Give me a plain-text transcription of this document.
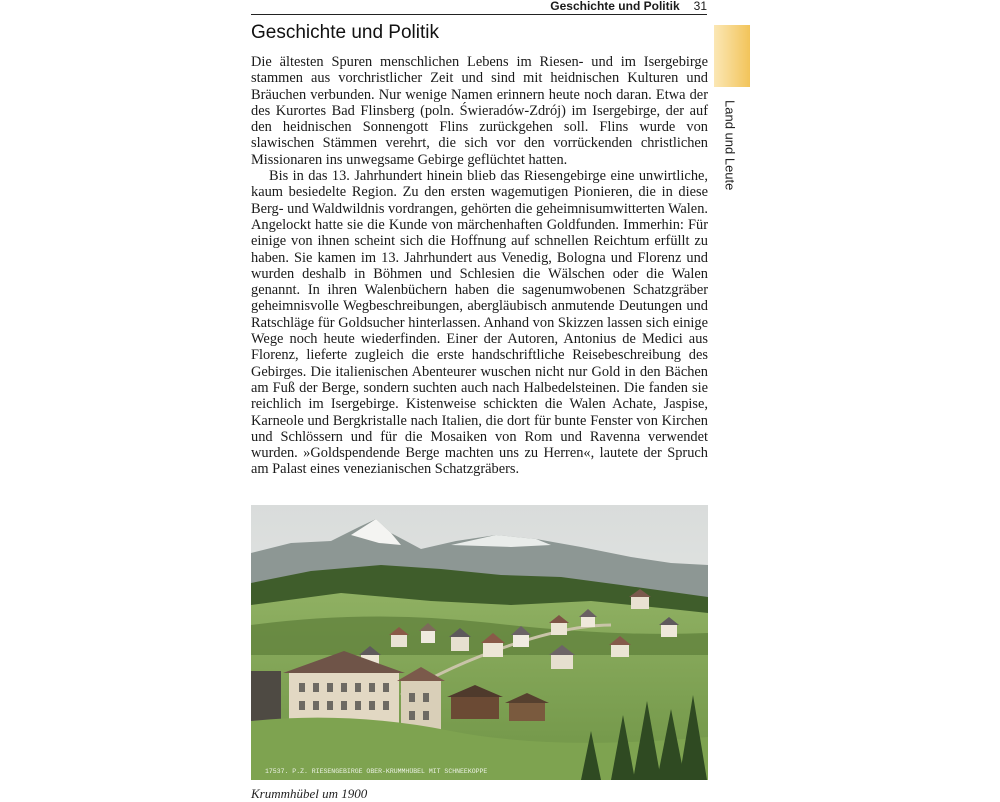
Geschichte und Politik 31
Land und Leute
Geschichte und Politik

Die ältesten Spuren menschlichen Lebens im Riesen- und im Isergebirge stammen aus vorchristlicher Zeit und sind mit heidnischen Kulturen und Bräuchen verbunden. Nur wenige Namen erinnern heute noch daran. Etwa der des Kurortes Bad Flinsberg (poln. Świeradów-Zdrój) im Isergebirge, der auf den heidnischen Sonnengott Flins zurückgehen soll. Flins wurde von slawischen Stämmen verehrt, die sich vor den vorrückenden christlichen Missionaren ins unwegsame Gebirge geflüchtet hatten.

Bis in das 13. Jahrhundert hinein blieb das Riesengebirge eine unwirtliche, kaum besiedelte Region. Zu den ersten wagemutigen Pionieren, die in diese Berg- und Waldwildnis vordrangen, gehörten die geheimnisumwitterten Walen. Angelockt hatte sie die Kunde von märchenhaften Goldfunden. Immerhin: Für einige von ihnen scheint sich die Hoffnung auf schnellen Reichtum erfüllt zu haben. Sie kamen im 13. Jahrhundert aus Venedig, Bologna und Florenz und wurden deshalb in Böhmen und Schlesien die Wälschen oder die Walen genannt. In ihren Walenbüchern haben die sagenumwobenen Schatzgräber geheimnisvolle Wegbeschreibungen, abergläubisch anmutende Deutungen und Ratschläge für Goldsucher hinterlassen. Anhand von Skizzen lassen sich einige Wege noch heute wiederfinden. Einer der Autoren, Antonius de Medici aus Florenz, lieferte zugleich die erste handschriftliche Reisebeschreibung des Gebirges. Die italienischen Abenteurer wuschen nicht nur Gold in den Bächen am Fuß der Berge, sondern suchten auch nach Halbedelsteinen. Die fanden sie reichlich im Isergebirge. Kistenweise schickten die Walen Achate, Jaspise, Karneole und Bergkristalle nach Italien, die dort für bunte Fenster von Kirchen und Schlössern und für die Mosaiken von Rom und Ravenna verwendet wurden. »Goldspendende Berge machten uns zu Herren«, lautete der Spruch am Palast eines venezianischen Schatzgräbers.

17537. P.Z. RIESENGEBIRGE OBER-KRUMMHÜBEL MIT SCHNEEKOPPE
Krummhübel um 1900
